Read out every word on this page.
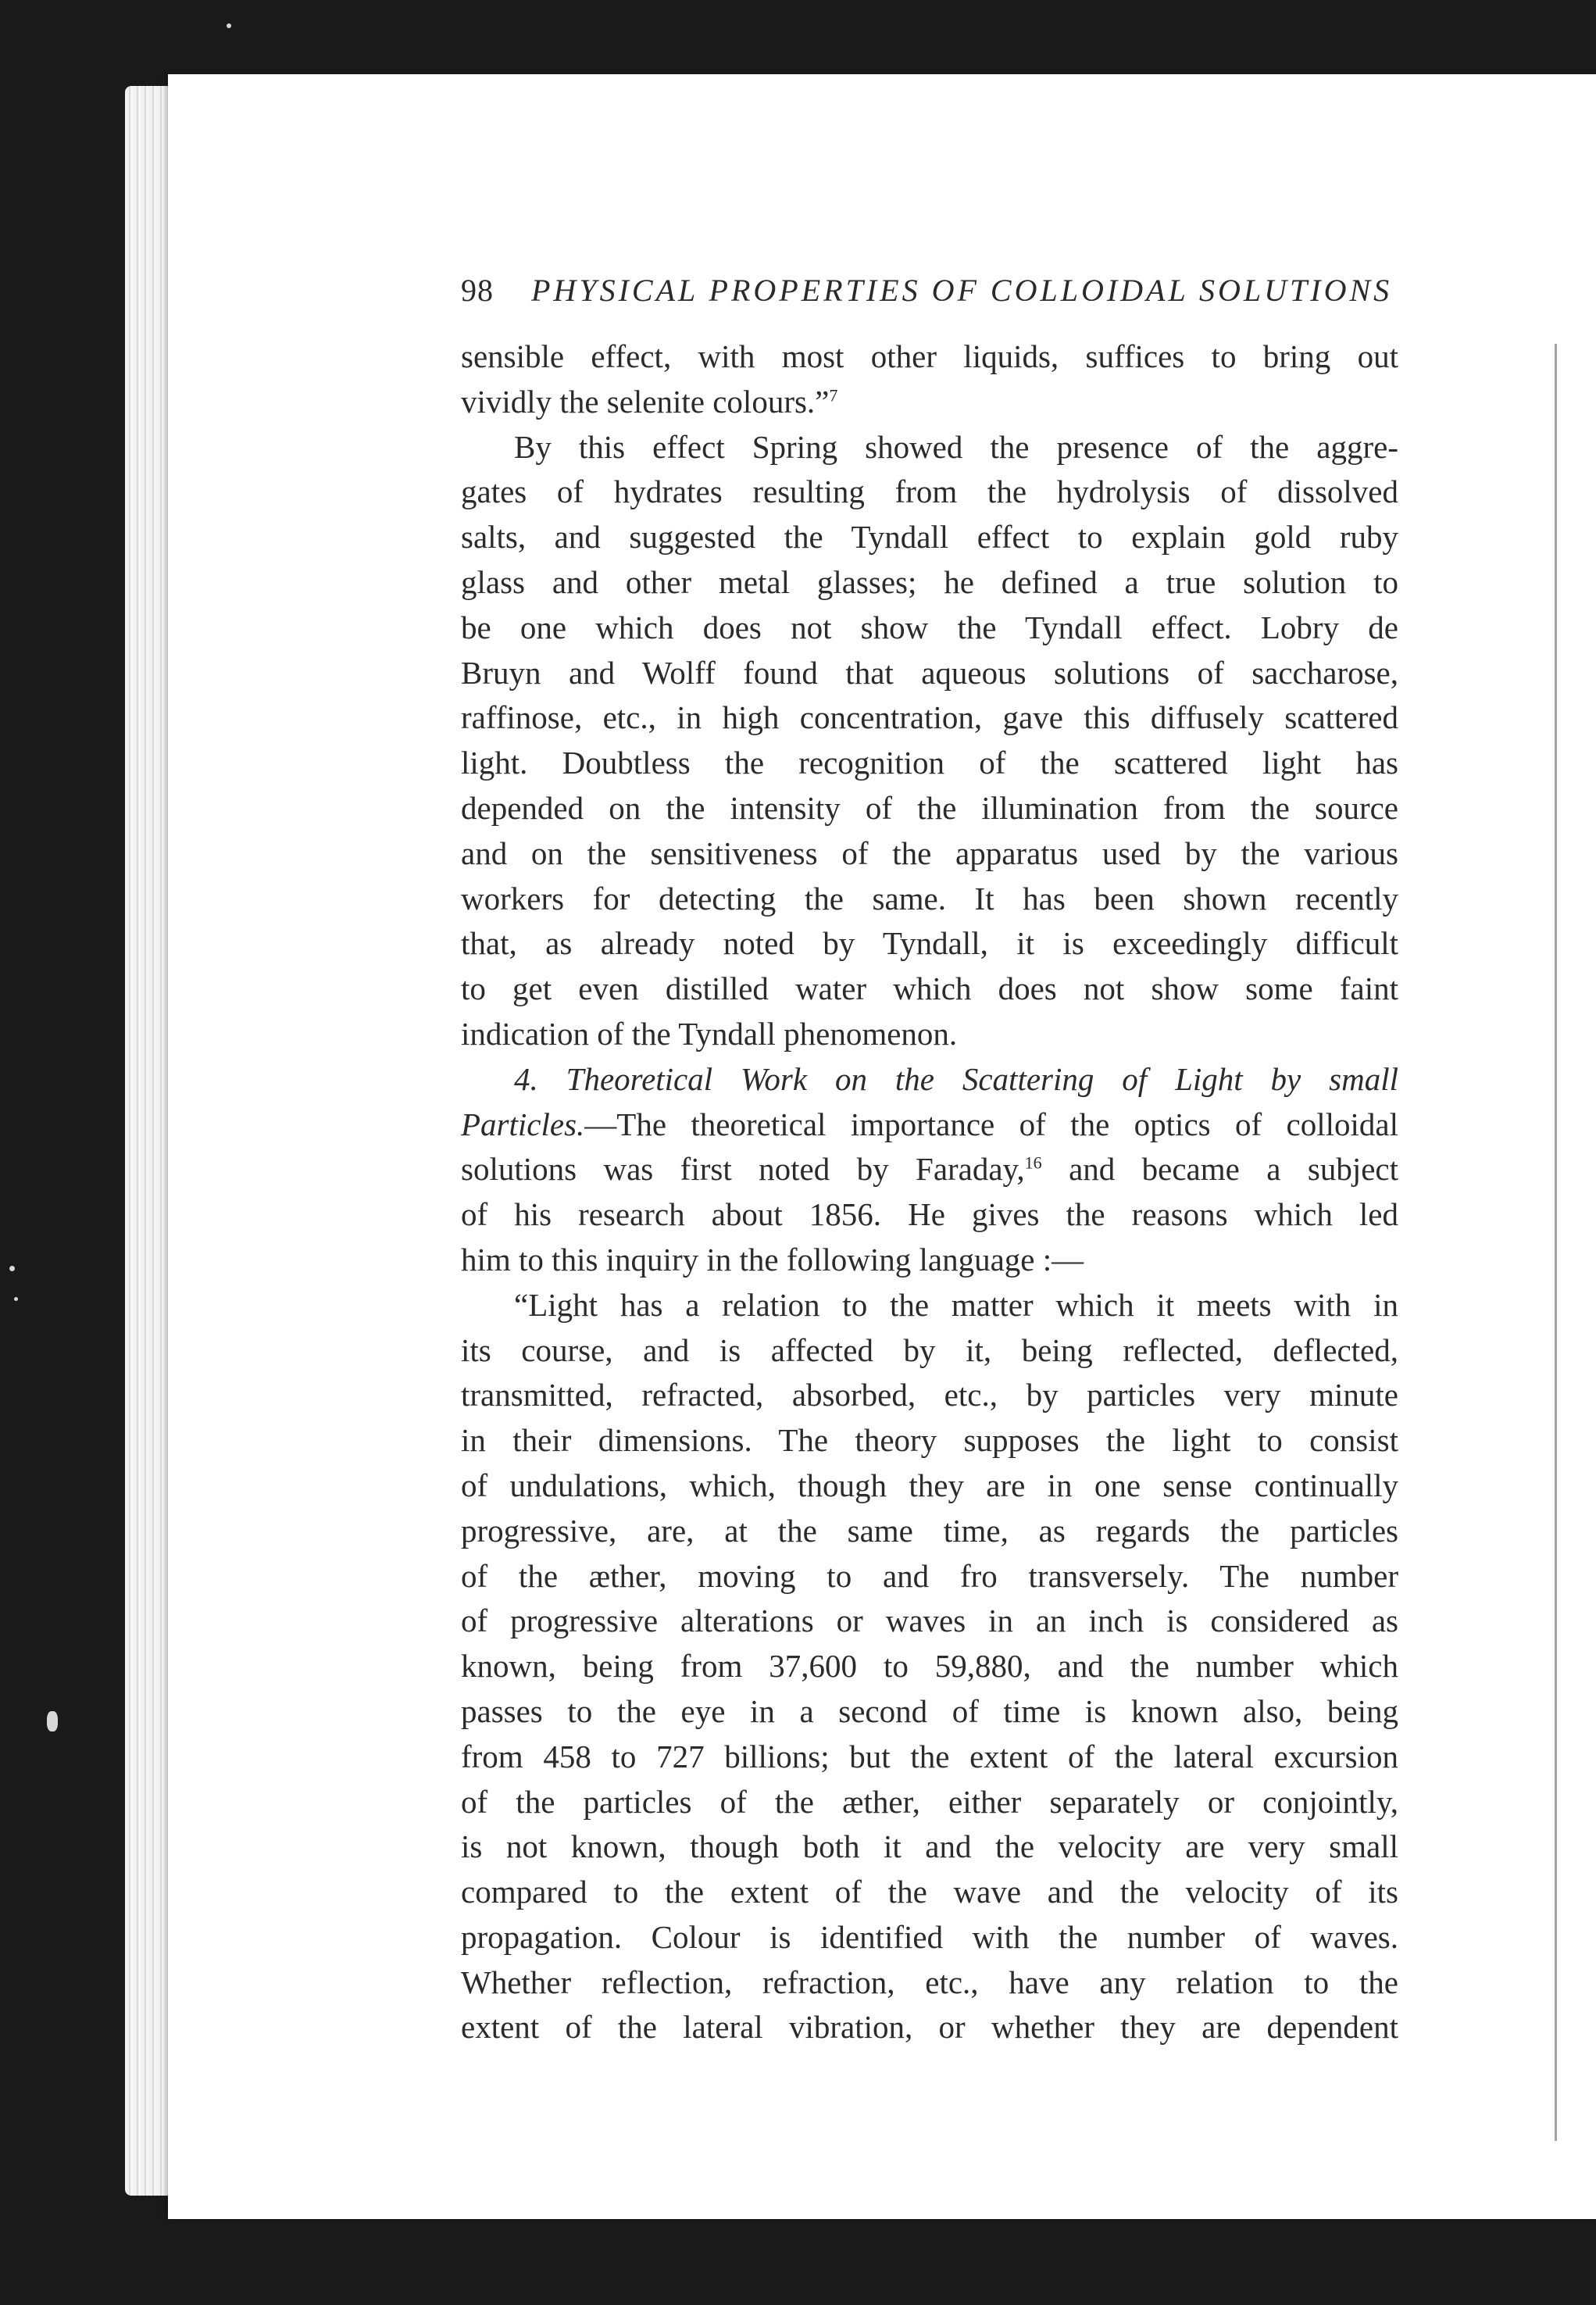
98 PHYSICAL PROPERTIES OF COLLOIDAL SOLUTIONS

sensible effect, with most other liquids, suffices to bring out

vividly the selenite colours.”$^7$

By this effect Spring showed the presence of the aggre-

gates of hydrates resulting from the hydrolysis of dissolved

salts, and suggested the Tyndall effect to explain gold ruby

glass and other metal glasses; he defined a true solution to

be one which does not show the Tyndall effect. Lobry de

Bruyn and Wolff found that aqueous solutions of saccharose,

raffinose, etc., in high concentration, gave this diffusely scattered

light. Doubtless the recognition of the scattered light has

depended on the intensity of the illumination from the source

and on the sensitiveness of the apparatus used by the various

workers for detecting the same. It has been shown recently

that, as already noted by Tyndall, it is exceedingly difficult

to get even distilled water which does not show some faint

indication of the Tyndall phenomenon.

4. Theoretical Work on the Scattering of Light by small

Particles.—The theoretical importance of the optics of colloidal

solutions was first noted by Faraday,$^{16}$ and became a subject

of his research about 1856. He gives the reasons which led

him to this inquiry in the following language :—

“Light has a relation to the matter which it meets with in

its course, and is affected by it, being reflected, deflected,

transmitted, refracted, absorbed, etc., by particles very minute

in their dimensions. The theory supposes the light to consist

of undulations, which, though they are in one sense continually

progressive, are, at the same time, as regards the particles

of the æther, moving to and fro transversely. The number

of progressive alterations or waves in an inch is considered as

known, being from 37,600 to 59,880, and the number which

passes to the eye in a second of time is known also, being

from 458 to 727 billions; but the extent of the lateral excursion

of the particles of the æther, either separately or conjointly,

is not known, though both it and the velocity are very small

compared to the extent of the wave and the velocity of its

propagation. Colour is identified with the number of waves.

Whether reflection, refraction, etc., have any relation to the

extent of the lateral vibration, or whether they are dependent
